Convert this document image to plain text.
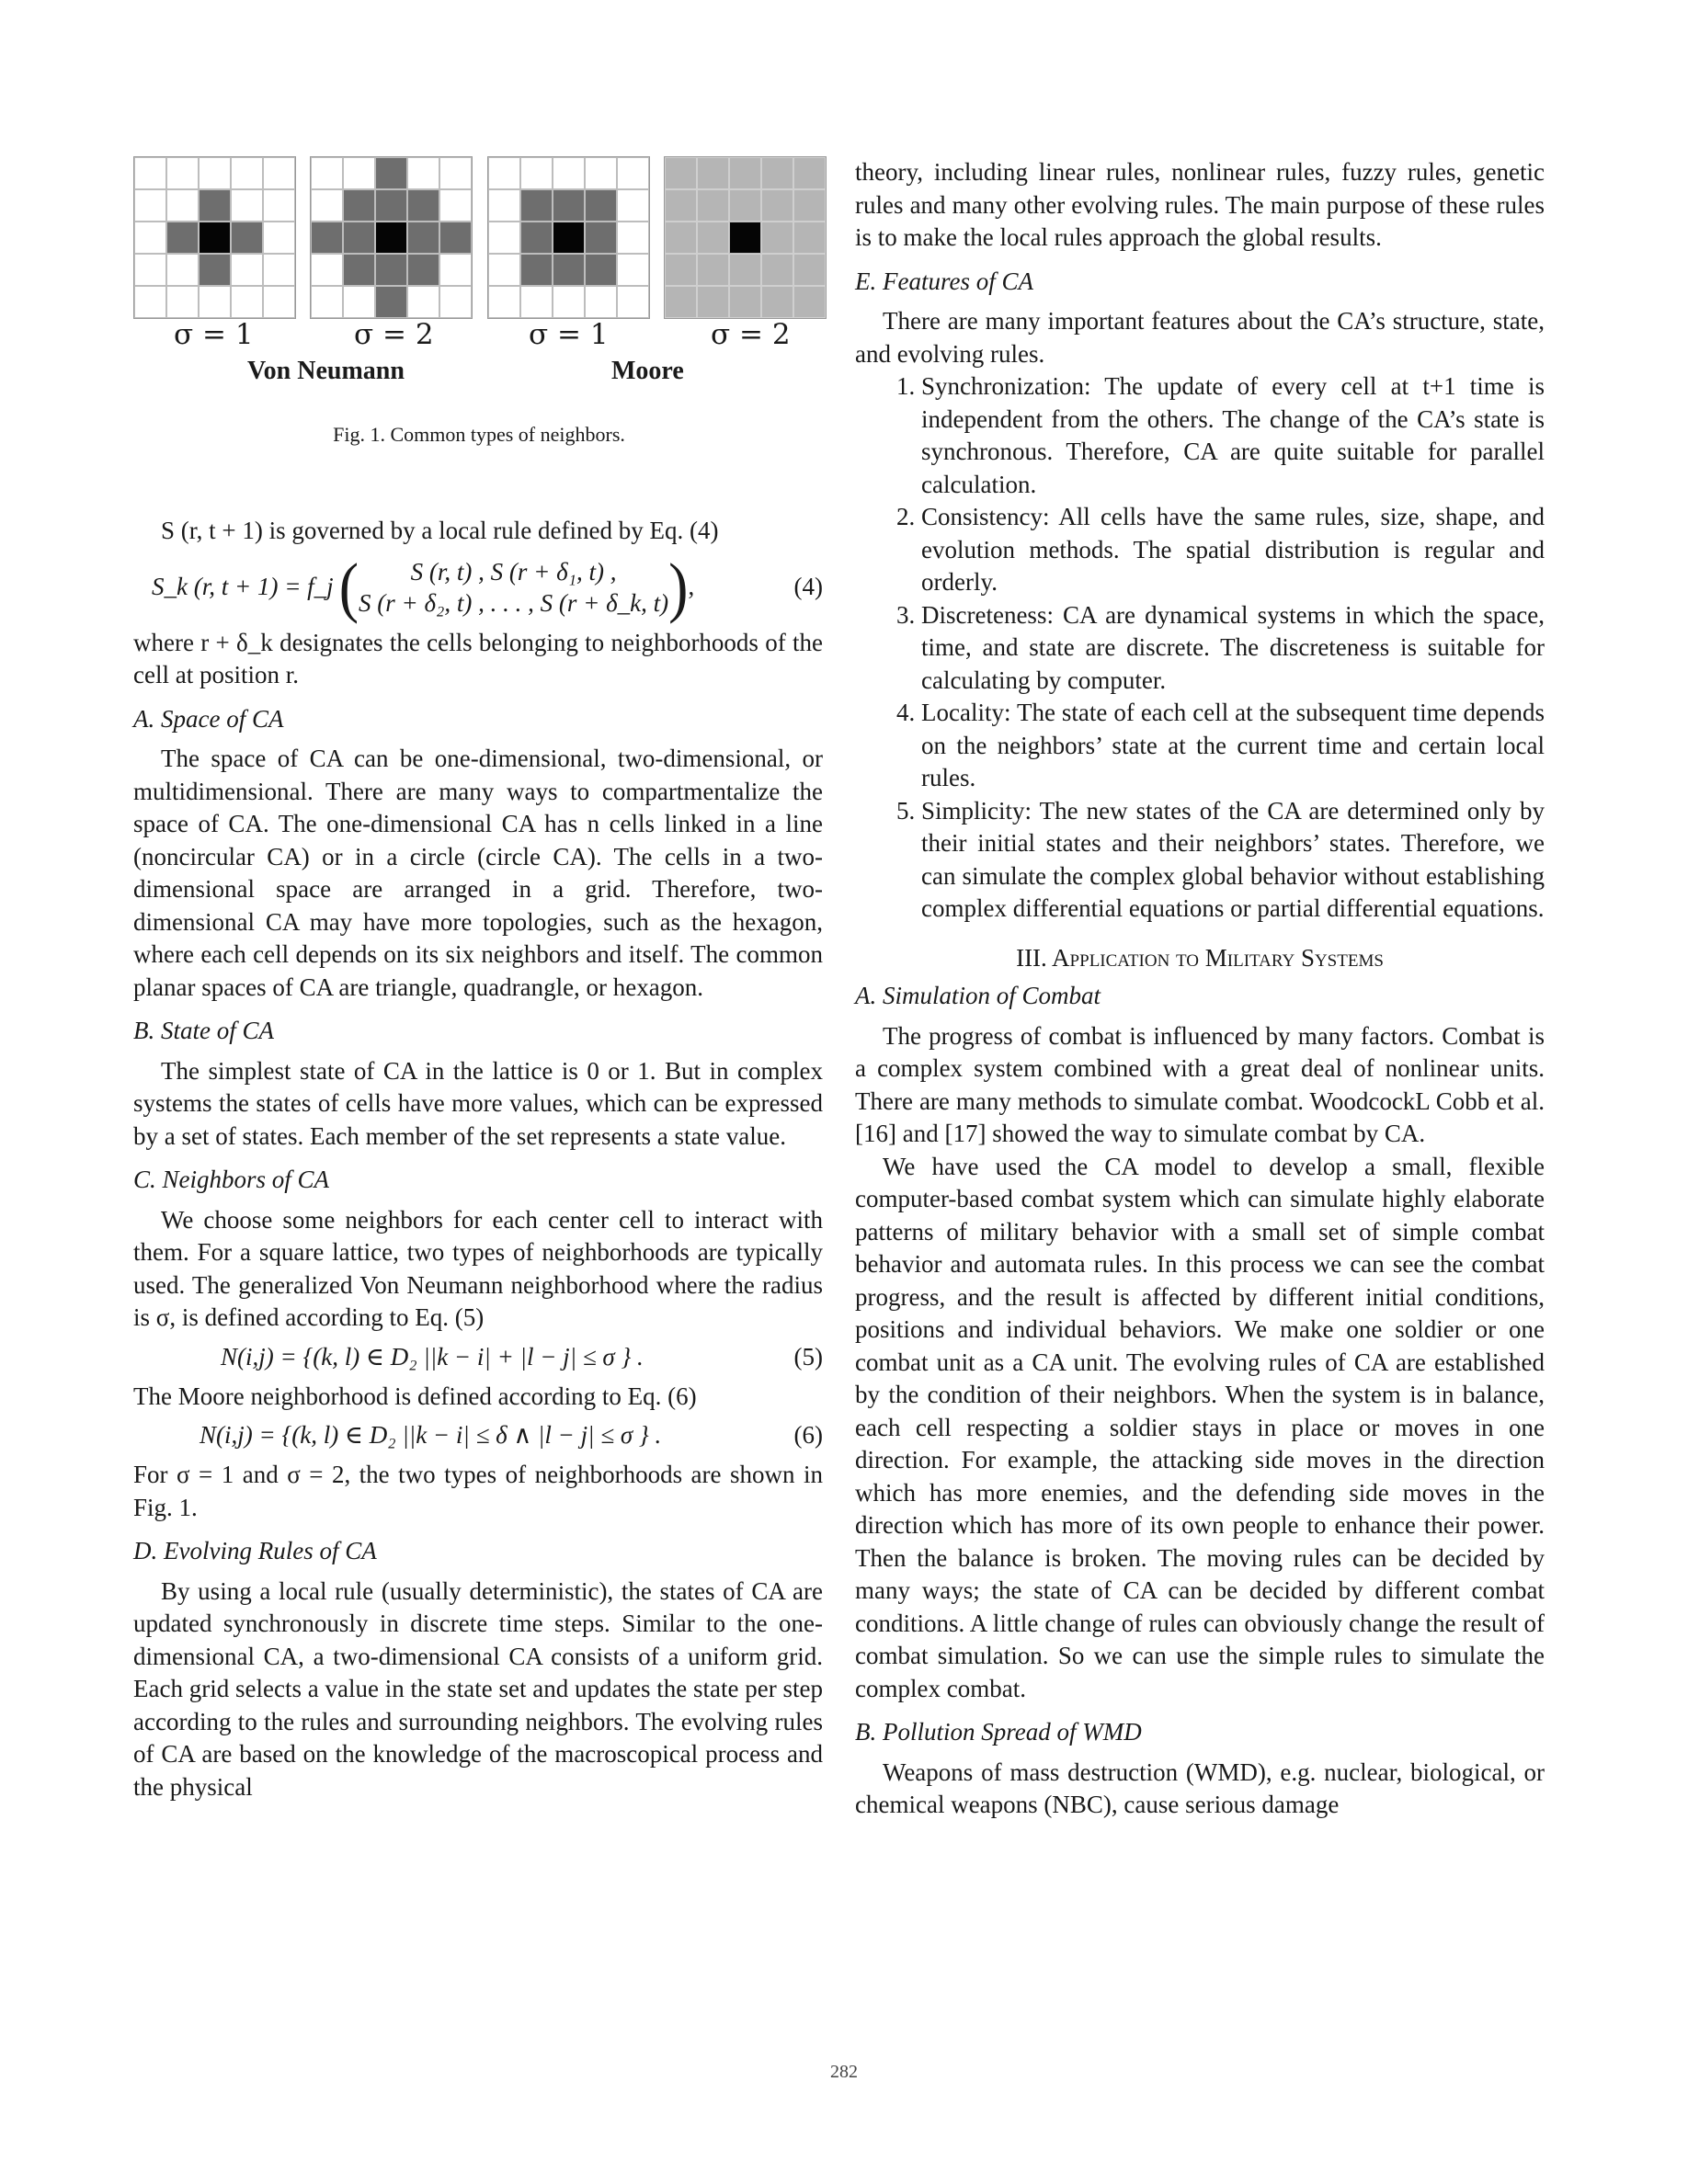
σ = 1	σ = 2	σ = 1	σ = 2
Von Neumann	Moore
Fig. 1. Common types of neighbors.

S (r, t + 1) is governed by a local rule defined by Eq. (4)

S_k (r, t + 1) = f_j ( S (r, t) , S (r + δ₁, t) ,
S (r + δ₂, t) , . . . , S (r + δ_k, t) ) ,	(4)

where r + δ_k designates the cells belonging to neighborhoods of the cell at position r.

A. Space of CA

The space of CA can be one-dimensional, two-dimensional, or multidimensional. There are many ways to compartmentalize the space of CA. The one-dimensional CA has n cells linked in a line (noncircular CA) or in a circle (circle CA). The cells in a two-dimensional space are arranged in a grid. Therefore, two-dimensional CA may have more topologies, such as the hexagon, where each cell depends on its six neighbors and itself. The common planar spaces of CA are triangle, quadrangle, or hexagon.

B. State of CA

The simplest state of CA in the lattice is 0 or 1. But in complex systems the states of cells have more values, which can be expressed by a set of states. Each member of the set represents a state value.

C. Neighbors of CA

We choose some neighbors for each center cell to interact with them. For a square lattice, two types of neighborhoods are typically used. The generalized Von Neumann neighborhood where the radius is σ, is defined according to Eq. (5)

N(i,j) = {(k, l) ∈ D₂ ||k − i| + |l − j| ≤ σ } .	(5)

The Moore neighborhood is defined according to Eq. (6)

N(i,j) = {(k, l) ∈ D₂ ||k − i| ≤ δ ∧ |l − j| ≤ σ } .	(6)

For σ = 1 and σ = 2, the two types of neighborhoods are shown in Fig. 1.

D. Evolving Rules of CA

By using a local rule (usually deterministic), the states of CA are updated synchronously in discrete time steps. Similar to the one-dimensional CA, a two-dimensional CA consists of a uniform grid. Each grid selects a value in the state set and updates the state per step according to the rules and surrounding neighbors. The evolving rules of CA are based on the knowledge of the macroscopical process and the physical

theory, including linear rules, nonlinear rules, fuzzy rules, genetic rules and many other evolving rules. The main purpose of these rules is to make the local rules approach the global results.

E. Features of CA

There are many important features about the CA’s structure, state, and evolving rules.

1. Synchronization: The update of every cell at t+1 time is independent from the others. The change of the CA’s state is synchronous. Therefore, CA are quite suitable for parallel calculation.
2. Consistency: All cells have the same rules, size, shape, and evolution methods. The spatial distribution is regular and orderly.
3. Discreteness: CA are dynamical systems in which the space, time, and state are discrete. The discreteness is suitable for calculating by computer.
4. Locality: The state of each cell at the subsequent time depends on the neighbors’ state at the current time and certain local rules.
5. Simplicity: The new states of the CA are determined only by their initial states and their neighbors’ states. Therefore, we can simulate the complex global behavior without establishing complex differential equations or partial differential equations.
III. Application to Military Systems
A. Simulation of Combat

The progress of combat is influenced by many factors. Combat is a complex system combined with a great deal of nonlinear units. There are many methods to simulate combat. WoodcockL Cobb et al. [16] and [17] showed the way to simulate combat by CA.

We have used the CA model to develop a small, flexible computer-based combat system which can simulate highly elaborate patterns of military behavior with a small set of simple combat behavior and automata rules. In this process we can see the combat progress, and the result is affected by different initial conditions, positions and individual behaviors. We make one soldier or one combat unit as a CA unit. The evolving rules of CA are established by the condition of their neighbors. When the system is in balance, each cell respecting a soldier stays in place or moves in one direction. For example, the attacking side moves in the direction which has more enemies, and the defending side moves in the direction which has more of its own people to enhance their power. Then the balance is broken. The moving rules can be decided by many ways; the state of CA can be decided by different combat conditions. A little change of rules can obviously change the result of combat simulation. So we can use the simple rules to simulate the complex combat.

B. Pollution Spread of WMD

Weapons of mass destruction (WMD), e.g. nuclear, biological, or chemical weapons (NBC), cause serious damage

282
